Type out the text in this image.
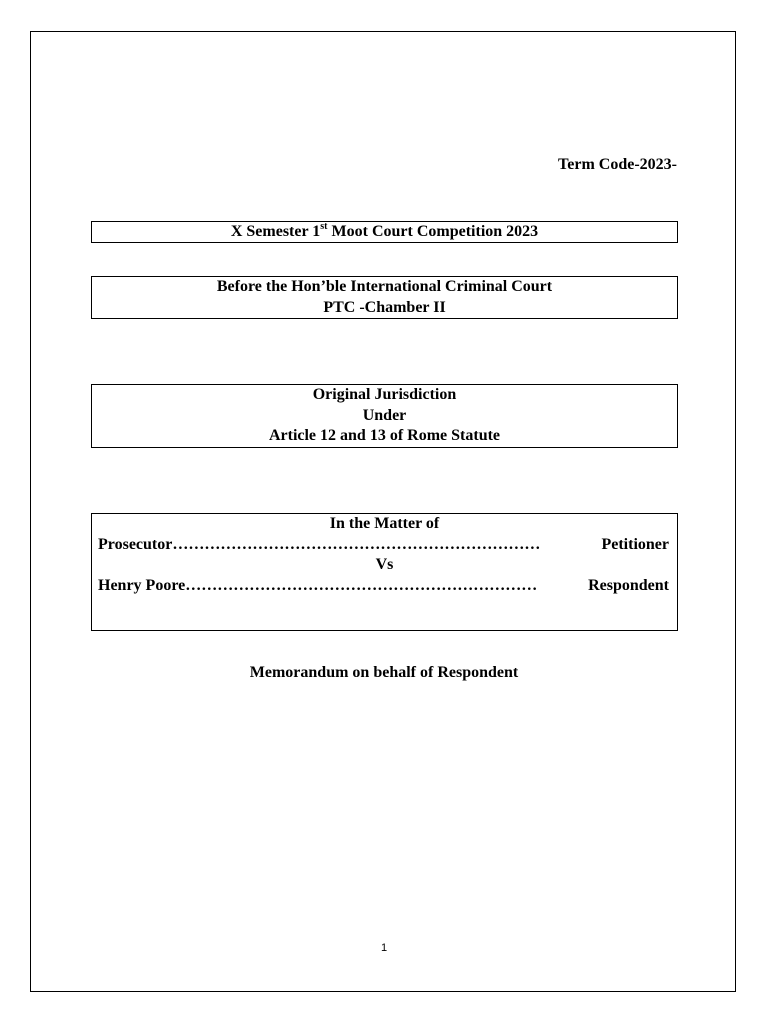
Term Code-2023-
X Semester 1st Moot Court Competition 2023
Before the Hon’ble International Criminal Court
PTC -Chamber II
Original Jurisdiction
Under
Article 12 and 13 of Rome Statute
In the Matter of
Prosecutor ……………………………………………………………	Petitioner
Vs
Henry Poore …………………………………………………………	Respondent
Memorandum on behalf of Respondent
1
